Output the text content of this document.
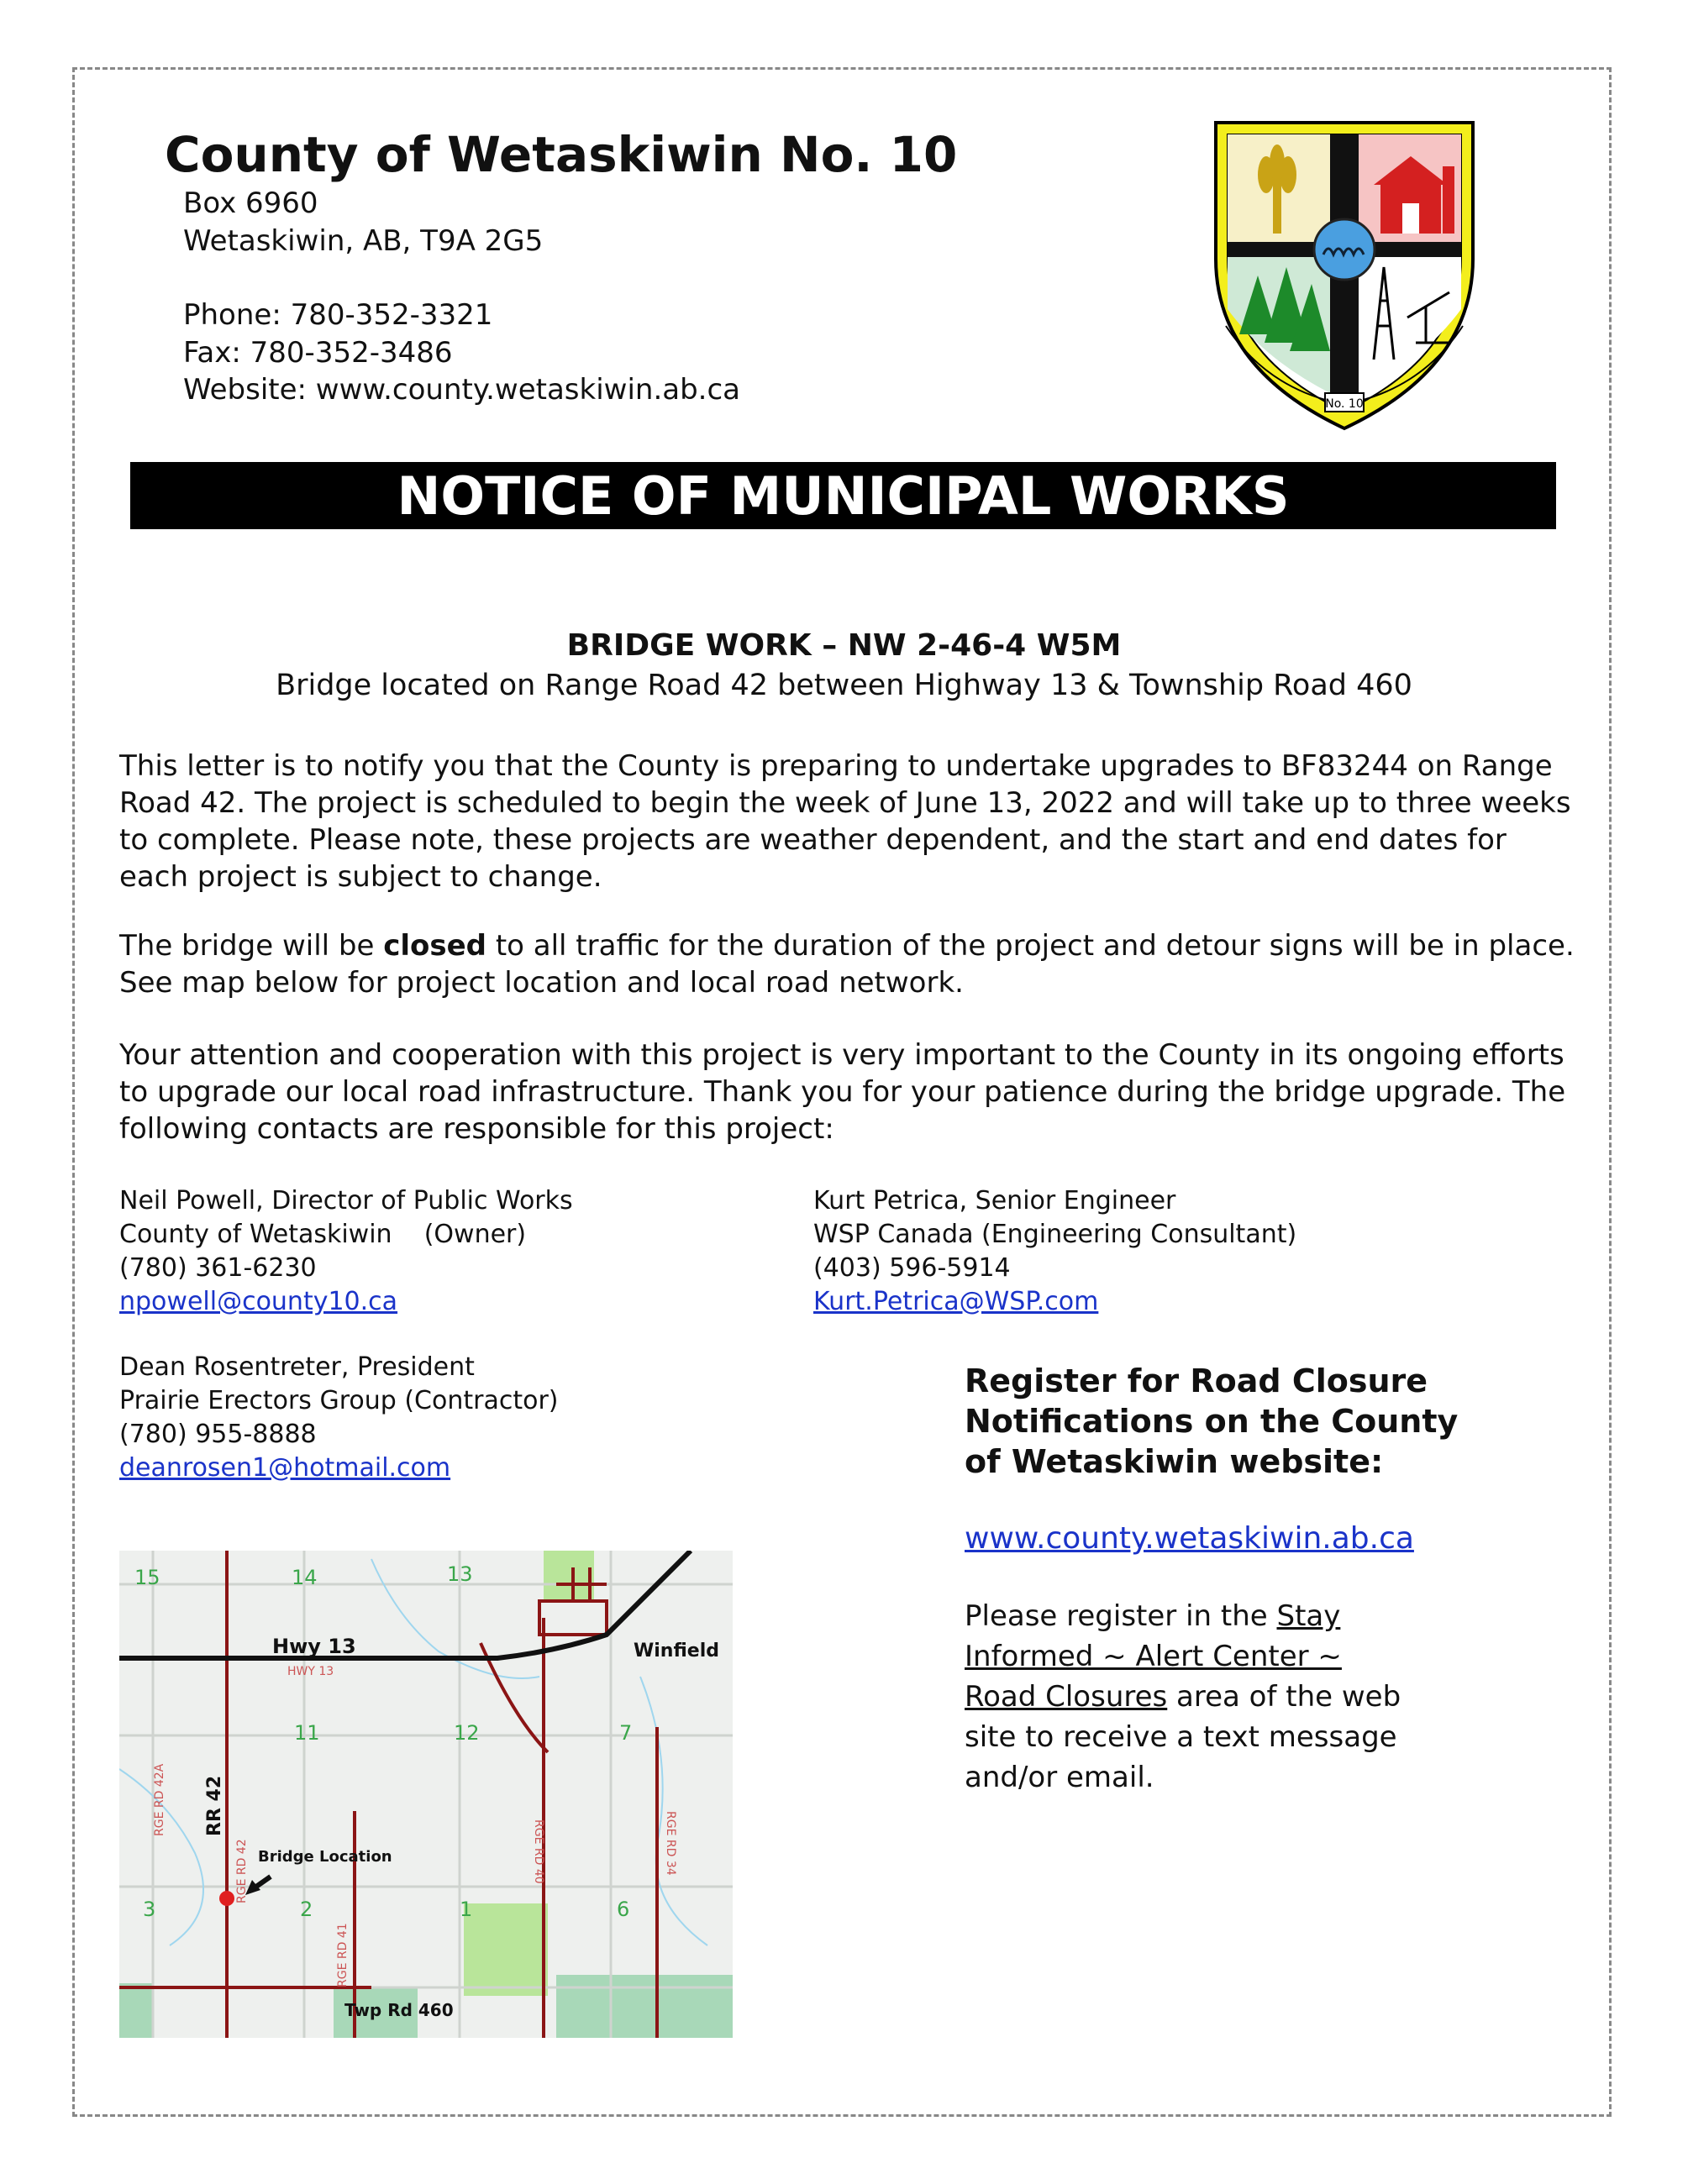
County of Wetaskiwin No. 10
Box 6960
Wetaskiwin, AB, T9A 2G5
Phone: 780-352-3321
Fax: 780-352-3486
Website: www.county.wetaskiwin.ab.ca	No. 10
NOTICE OF MUNICIPAL WORKS
BRIDGE WORK – NW 2-46-4 W5M
Bridge located on Range Road 42 between Highway 13 & Township Road 460

This letter is to notify you that the County is preparing to undertake upgrades to BF83244 on Range Road 42. The project is scheduled to begin the week of June 13, 2022 and will take up to three weeks to complete. Please note, these projects are weather dependent, and the start and end dates for each project is subject to change.

The bridge will be closed to all traffic for the duration of the project and detour signs will be in place. See map below for project location and local road network.

Your attention and cooperation with this project is very important to the County in its ongoing efforts to upgrade our local road infrastructure. Thank you for your patience during the bridge upgrade. The following contacts are responsible for this project:

Neil Powell, Director of Public Works
County of Wetaskiwin    (Owner)
(780) 361-6230
npowell@county10.ca
Kurt Petrica, Senior Engineer
WSP Canada (Engineering Consultant)
(403) 596-5914
Kurt.Petrica@WSP.com
Dean Rosentreter, President
Prairie Erectors Group (Contractor)
(780) 955-8888
deanrosen1@hotmail.com
Register for Road Closure
Notifications on the County
of Wetaskiwin website:
www.county.wetaskiwin.ab.ca
Please register in the Stay
Informed ~ Alert Center ~
Road Closures area of the web
site to receive a text message
and/or email.
15	14	13
11	12	7
3	2	1	6
Hwy 13
HWY 13
Winfield
RR 42
RGE RD 42A
RGE RD 42
RGE RD 41
RGE RD 40	RGE RD 34
Bridge Location
Twp Rd 460
